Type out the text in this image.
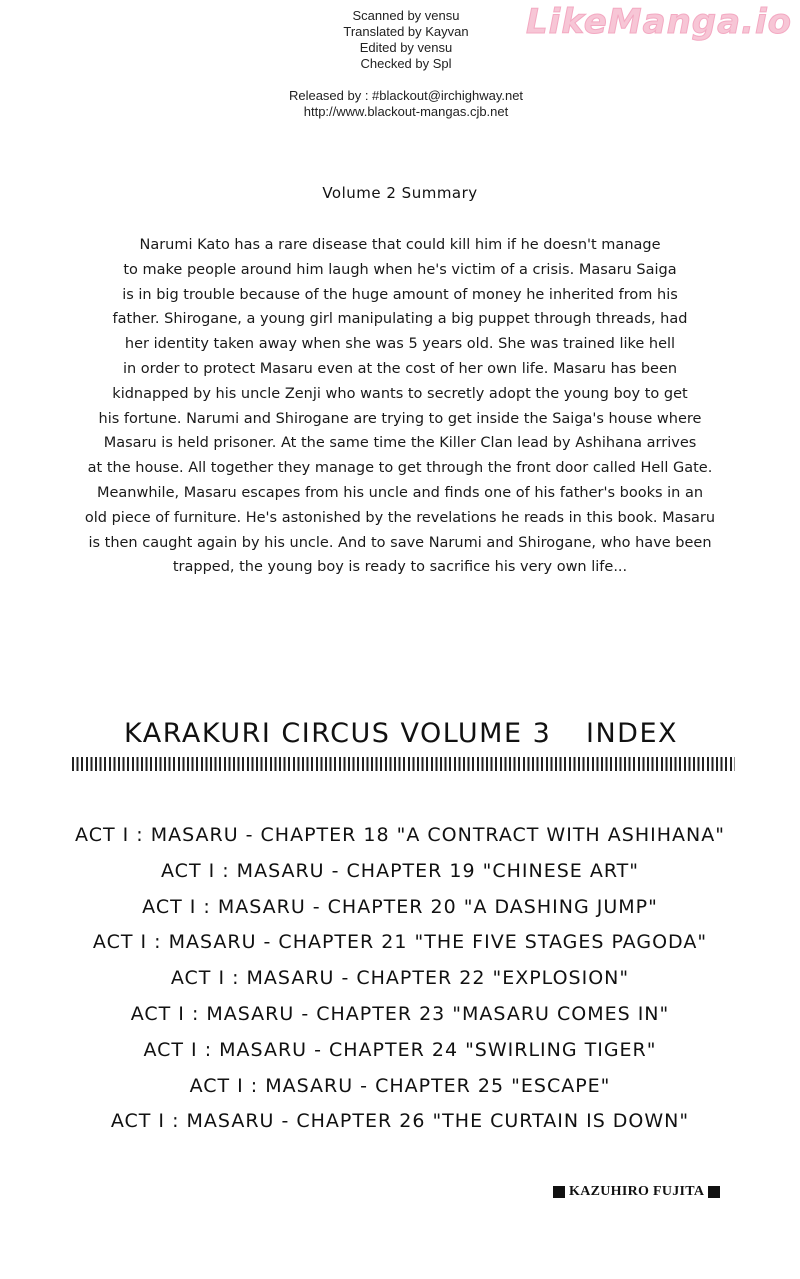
LikeManga.io
Scanned by vensu
Translated by Kayvan
Edited by vensu
Checked by Spl
Released by : #blackout@irchighway.net
http://www.blackout-mangas.cjb.net
Volume 2 Summary
Narumi Kato has a rare disease that could kill him if he doesn't manage
to make people around him laugh when he's victim of a crisis. Masaru Saiga
is in big trouble because of the huge amount of money he inherited from his
father. Shirogane, a young girl manipulating a big puppet through threads, had
her identity taken away when she was 5 years old. She was trained like hell
in order to protect Masaru even at the cost of her own life. Masaru has been
kidnapped by his uncle Zenji who wants to secretly adopt the young boy to get
his fortune. Narumi and Shirogane are trying to get inside the Saiga's house where
Masaru is held prisoner. At the same time the Killer Clan lead by Ashihana arrives
at the house. All together they manage to get through the front door called Hell Gate.
Meanwhile, Masaru escapes from his uncle and finds one of his father's books in an
old piece of furniture. He's astonished by the revelations he reads in this book. Masaru
is then caught again by his uncle. And to save Narumi and Shirogane, who have been
trapped, the young boy is ready to sacrifice his very own life...
KARAKURI CIRCUS VOLUME 3 INDEX
ACT I : MASARU - CHAPTER 18 "A CONTRACT WITH ASHIHANA"
ACT I : MASARU - CHAPTER 19 "CHINESE ART"
ACT I : MASARU - CHAPTER 20 "A DASHING JUMP"
ACT I : MASARU - CHAPTER 21 "THE FIVE STAGES PAGODA"
ACT I : MASARU - CHAPTER 22 "EXPLOSION"
ACT I : MASARU - CHAPTER 23 "MASARU COMES IN"
ACT I : MASARU - CHAPTER 24 "SWIRLING TIGER"
ACT I : MASARU - CHAPTER 25 "ESCAPE"
ACT I : MASARU - CHAPTER 26 "THE CURTAIN IS DOWN"
KAZUHIRO FUJITA
